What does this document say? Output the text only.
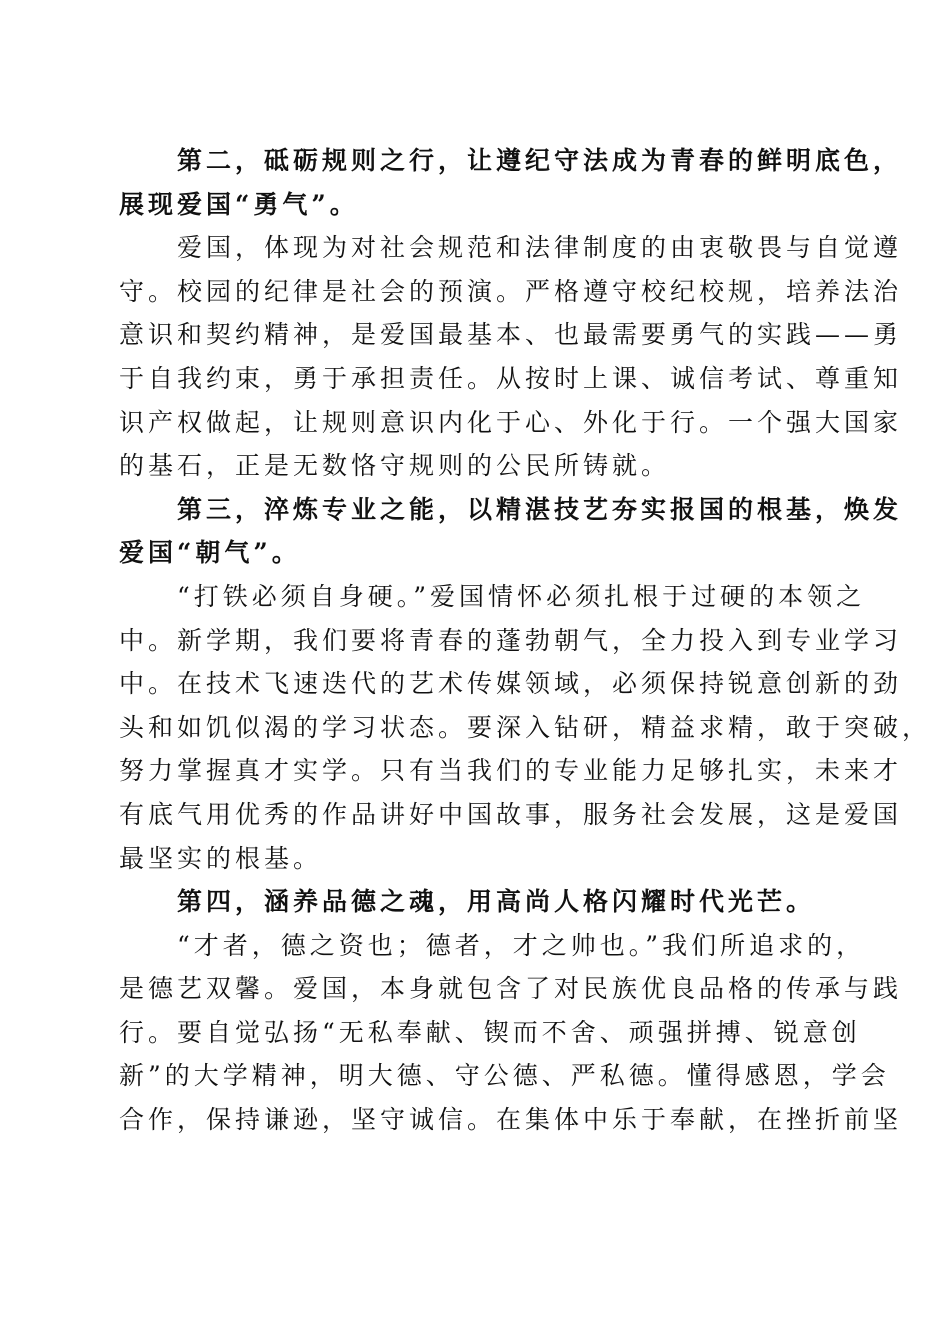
第二，砥砺规则之行，让遵纪守法成为青春的鲜明底色，
展现爱国“勇气”。
爱国，体现为对社会规范和法律制度的由衷敬畏与自觉遵
守。校园的纪律是社会的预演。严格遵守校纪校规，培养法治
意识和契约精神，是爱国最基本、也最需要勇气的实践——勇
于自我约束，勇于承担责任。从按时上课、诚信考试、尊重知
识产权做起，让规则意识内化于心、外化于行。一个强大国家
的基石，正是无数恪守规则的公民所铸就。
第三，淬炼专业之能，以精湛技艺夯实报国的根基，焕发
爱国“朝气”。
“打铁必须自身硬。”爱国情怀必须扎根于过硬的本领之
中。新学期，我们要将青春的蓬勃朝气，全力投入到专业学习
中。在技术飞速迭代的艺术传媒领域，必须保持锐意创新的劲
头和如饥似渴的学习状态。要深入钻研，精益求精，敢于突破，
努力掌握真才实学。只有当我们的专业能力足够扎实，未来才
有底气用优秀的作品讲好中国故事，服务社会发展，这是爱国
最坚实的根基。
第四，涵养品德之魂，用高尚人格闪耀时代光芒。
“才者，德之资也；德者，才之帅也。”我们所追求的，
是德艺双馨。爱国，本身就包含了对民族优良品格的传承与践
行。要自觉弘扬“无私奉献、锲而不舍、顽强拼搏、锐意创
新”的大学精神，明大德、守公德、严私德。懂得感恩，学会
合作，保持谦逊，坚守诚信。在集体中乐于奉献，在挫折前坚
